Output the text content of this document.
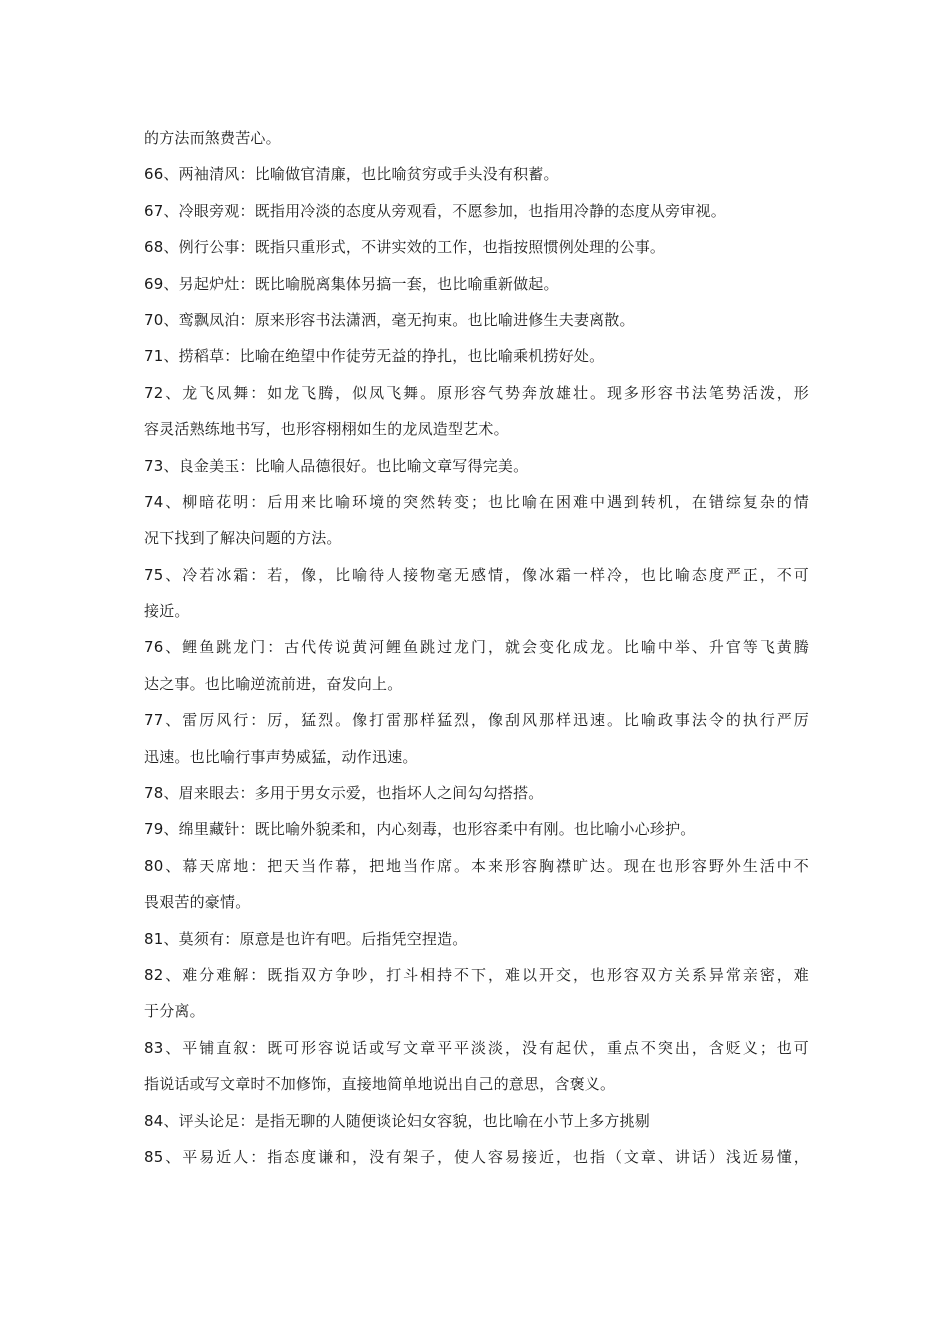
的方法而煞费苦心。
66、两袖清风：比喻做官清廉，也比喻贫穷或手头没有积蓄。
67、冷眼旁观：既指用冷淡的态度从旁观看，不愿参加，也指用冷静的态度从旁审视。
68、例行公事：既指只重形式，不讲实效的工作，也指按照惯例处理的公事。
69、另起炉灶：既比喻脱离集体另搞一套，也比喻重新做起。
70、鸾飘凤泊：原来形容书法潇洒，毫无拘束。也比喻进修生夫妻离散。
71、捞稻草：比喻在绝望中作徒劳无益的挣扎，也比喻乘机捞好处。
72、龙飞凤舞：如龙飞腾，似凤飞舞。原形容气势奔放雄壮。现多形容书法笔势活泼，形
容灵活熟练地书写，也形容栩栩如生的龙凤造型艺术。
73、良金美玉：比喻人品德很好。也比喻文章写得完美。
74、柳暗花明：后用来比喻环境的突然转变；也比喻在困难中遇到转机，在错综复杂的情
况下找到了解决问题的方法。
75、冷若冰霜：若，像，比喻待人接物毫无感情，像冰霜一样冷，也比喻态度严正，不可
接近。
76、鲤鱼跳龙门：古代传说黄河鲤鱼跳过龙门，就会变化成龙。比喻中举、升官等飞黄腾
达之事。也比喻逆流前进，奋发向上。
77、雷厉风行：厉，猛烈。像打雷那样猛烈，像刮风那样迅速。比喻政事法令的执行严厉
迅速。也比喻行事声势威猛，动作迅速。
78、眉来眼去：多用于男女示爱，也指坏人之间勾勾搭搭。
79、绵里藏针：既比喻外貌柔和，内心刻毒，也形容柔中有刚。也比喻小心珍护。
80、幕天席地：把天当作幕，把地当作席。本来形容胸襟旷达。现在也形容野外生活中不
畏艰苦的豪情。
81、莫须有：原意是也许有吧。后指凭空捏造。
82、难分难解：既指双方争吵，打斗相持不下，难以开交，也形容双方关系异常亲密，难
于分离。
83、平铺直叙：既可形容说话或写文章平平淡淡，没有起伏，重点不突出，含贬义；也可
指说话或写文章时不加修饰，直接地简单地说出自己的意思，含褒义。
84、评头论足：是指无聊的人随便谈论妇女容貌，也比喻在小节上多方挑剔
85、平易近人：指态度谦和，没有架子，使人容易接近，也指（文章、讲话）浅近易懂，
